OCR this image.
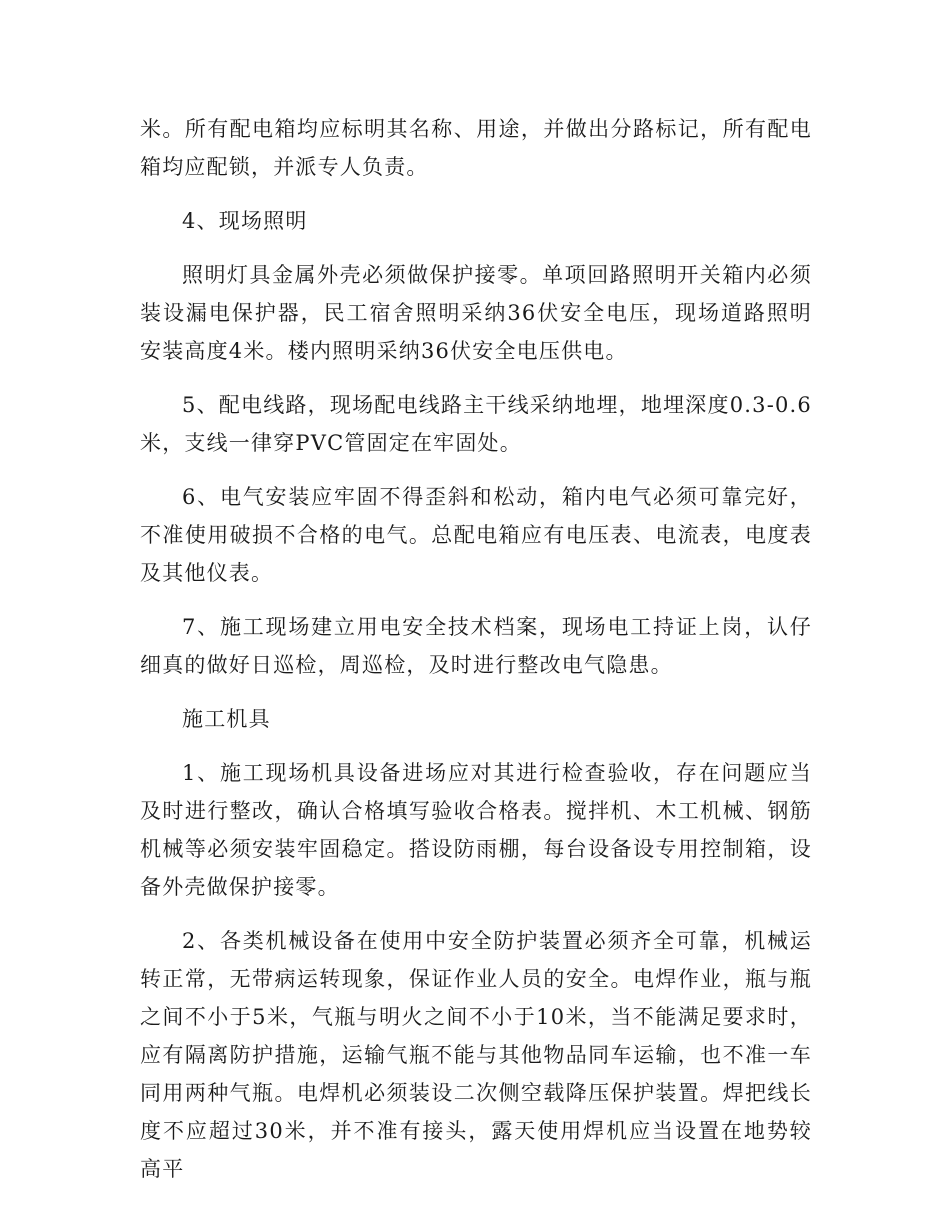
米。所有配电箱均应标明其名称、用途，并做出分路标记，所有配电箱均应配锁，并派专人负责。

4、现场照明

照明灯具金属外壳必须做保护接零。单项回路照明开关箱内必须装设漏电保护器，民工宿舍照明采纳36伏安全电压，现场道路照明安装高度4米。楼内照明采纳36伏安全电压供电。

5、配电线路，现场配电线路主干线采纳地埋，地埋深度0.3-0.6米，支线一律穿PVC管固定在牢固处。

6、电气安装应牢固不得歪斜和松动，箱内电气必须可靠完好，不准使用破损不合格的电气。总配电箱应有电压表、电流表，电度表及其他仪表。

7、施工现场建立用电安全技术档案，现场电工持证上岗，认仔细真的做好日巡检，周巡检，及时进行整改电气隐患。

施工机具

1、施工现场机具设备进场应对其进行检查验收，存在问题应当及时进行整改，确认合格填写验收合格表。搅拌机、木工机械、钢筋机械等必须安装牢固稳定。搭设防雨棚，每台设备设专用控制箱，设备外壳做保护接零。

2、各类机械设备在使用中安全防护装置必须齐全可靠，机械运转正常，无带病运转现象，保证作业人员的安全。电焊作业，瓶与瓶之间不小于5米，气瓶与明火之间不小于10米，当不能满足要求时，应有隔离防护措施，运输气瓶不能与其他物品同车运输，也不准一车同用两种气瓶。电焊机必须装设二次侧空载降压保护装置。焊把线长度不应超过30米，并不准有接头，露天使用焊机应当设置在地势较高平
